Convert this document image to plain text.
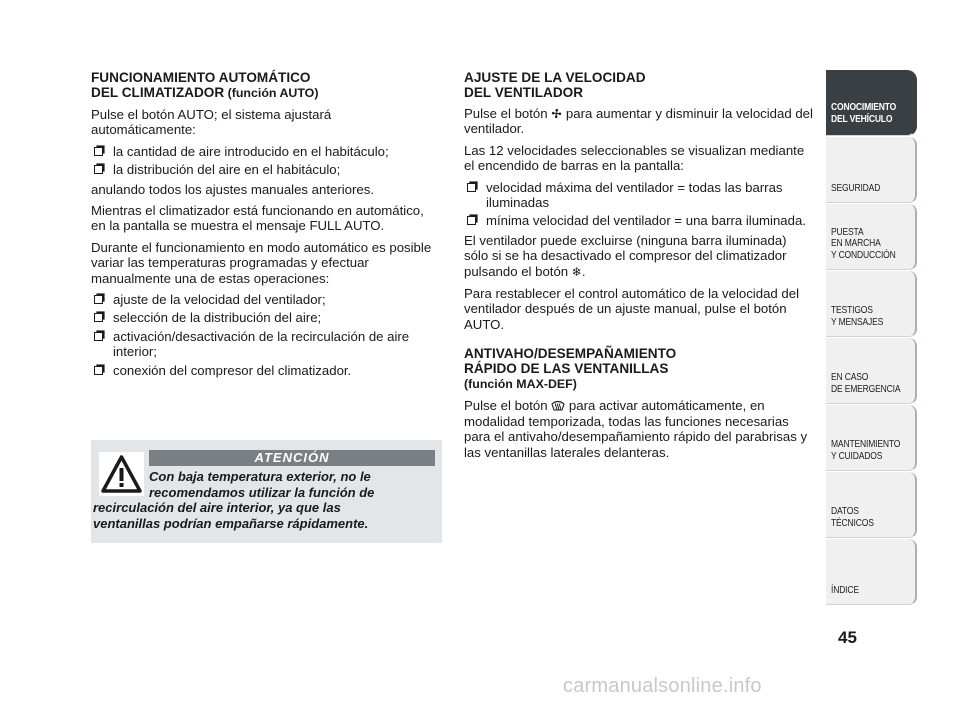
FUNCIONAMIENTO AUTOMÁTICO
DEL CLIMATIZADOR (función AUTO)

Pulse el botón AUTO; el sistema ajustará automáticamente:

la cantidad de aire introducido en el habitáculo;
la distribución del aire en el habitáculo;

anulando todos los ajustes manuales anteriores.

Mientras el climatizador está funcionando en automático, en la pantalla se muestra el mensaje FULL AUTO.

Durante el funcionamiento en modo automático es posible variar las temperaturas programadas y efectuar manualmente una de estas operaciones:

ajuste de la velocidad del ventilador;
selección de la distribución del aire;
activación/desactivación de la recirculación de aire interior;
conexión del compresor del climatizador.
ATENCIÓN
Con baja temperatura exterior, no le
recomendamos utilizar la función de
recirculación del aire interior, ya que las
ventanillas podrían empañarse rápidamente.
AJUSTE DE LA VELOCIDAD
DEL VENTILADOR

Pulse el botón  para aumentar y disminuir la velocidad del ventilador.

Las 12 velocidades seleccionables se visualizan mediante el encendido de barras en la pantalla:

velocidad máxima del ventilador = todas las barras iluminadas
mínima velocidad del ventilador = una barra iluminada.

El ventilador puede excluirse (ninguna barra iluminada) sólo si se ha desactivado el compresor del climatizador pulsando el botón ❄.

Para restablecer el control automático de la velocidad del ventilador después de un ajuste manual, pulse el botón AUTO.

ANTIVAHO/DESEMPAÑAMIENTO
RÁPIDO DE LAS VENTANILLAS
(función MAX-DEF)

Pulse el botón  para activar automáticamente, en modalidad temporizada, todas las funciones necesarias para el antivaho/desempañamiento rápido del parabrisas y las ventanillas laterales delanteras.

CONOCIMIENTO
DEL VEHÍCULO
SEGURIDAD
PUESTA
EN MARCHA
Y CONDUCCIÓN
TESTIGOS
Y MENSAJES
EN CASO
DE EMERGENCIA
MANTENIMIENTO
Y CUIDADOS
DATOS TÉCNICOS
ÍNDICE
45
carmanualsonline.info
